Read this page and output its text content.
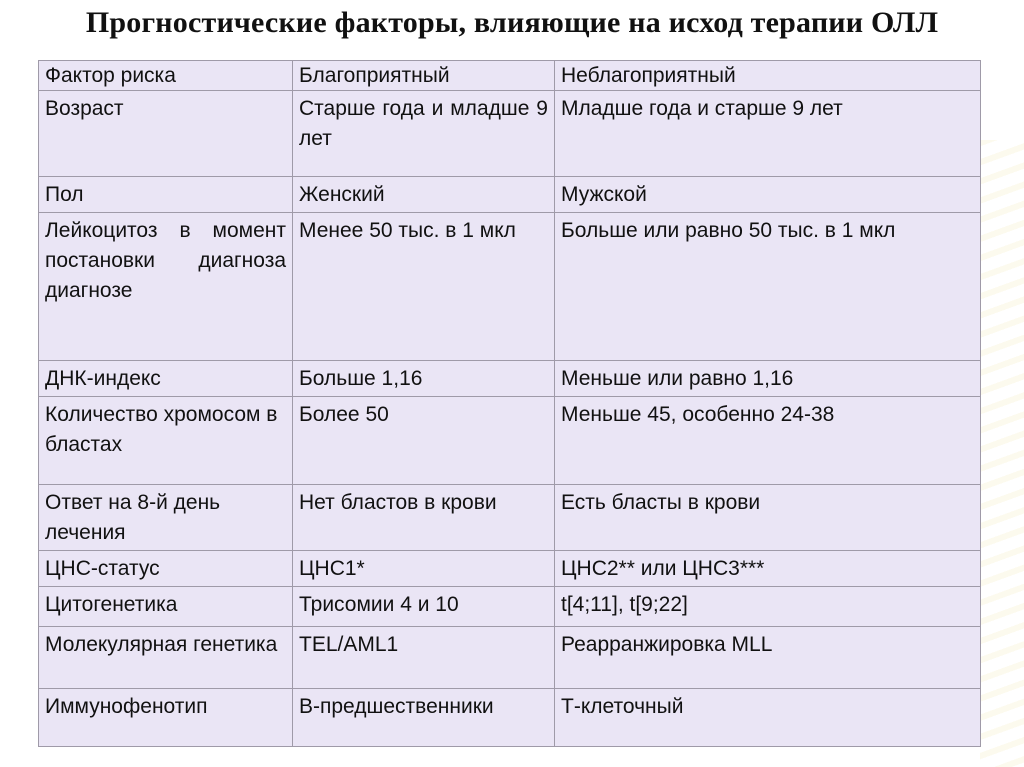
Прогностические факторы, влияющие на исход терапии ОЛЛ
Фактор риска	Благоприятный	Неблагоприятный
Возраст	Старше года и младше 9 лет	Младше года и старше 9 лет
Пол	Женский	Мужской
Лейкоцитоз в момент постановки диагноза диагнозе	Менее 50 тыс. в 1 мкл	Больше или равно 50 тыс. в 1 мкл
ДНК-индекс	Больше 1,16	Меньше или равно 1,16
Количество хромосом в бластах	Более 50	Меньше 45, особенно 24-38
Ответ на 8-й день лечения	Нет бластов в крови	Есть бласты в крови
ЦНС-статус	ЦНС1*	ЦНС2** или ЦНС3***
Цитогенетика	Трисомии 4 и 10	t[4;11], t[9;22]
Молекулярная генетика	TEL/AML1	Реарранжировка MLL
Иммунофенотип	В-предшественники	Т-клеточный
